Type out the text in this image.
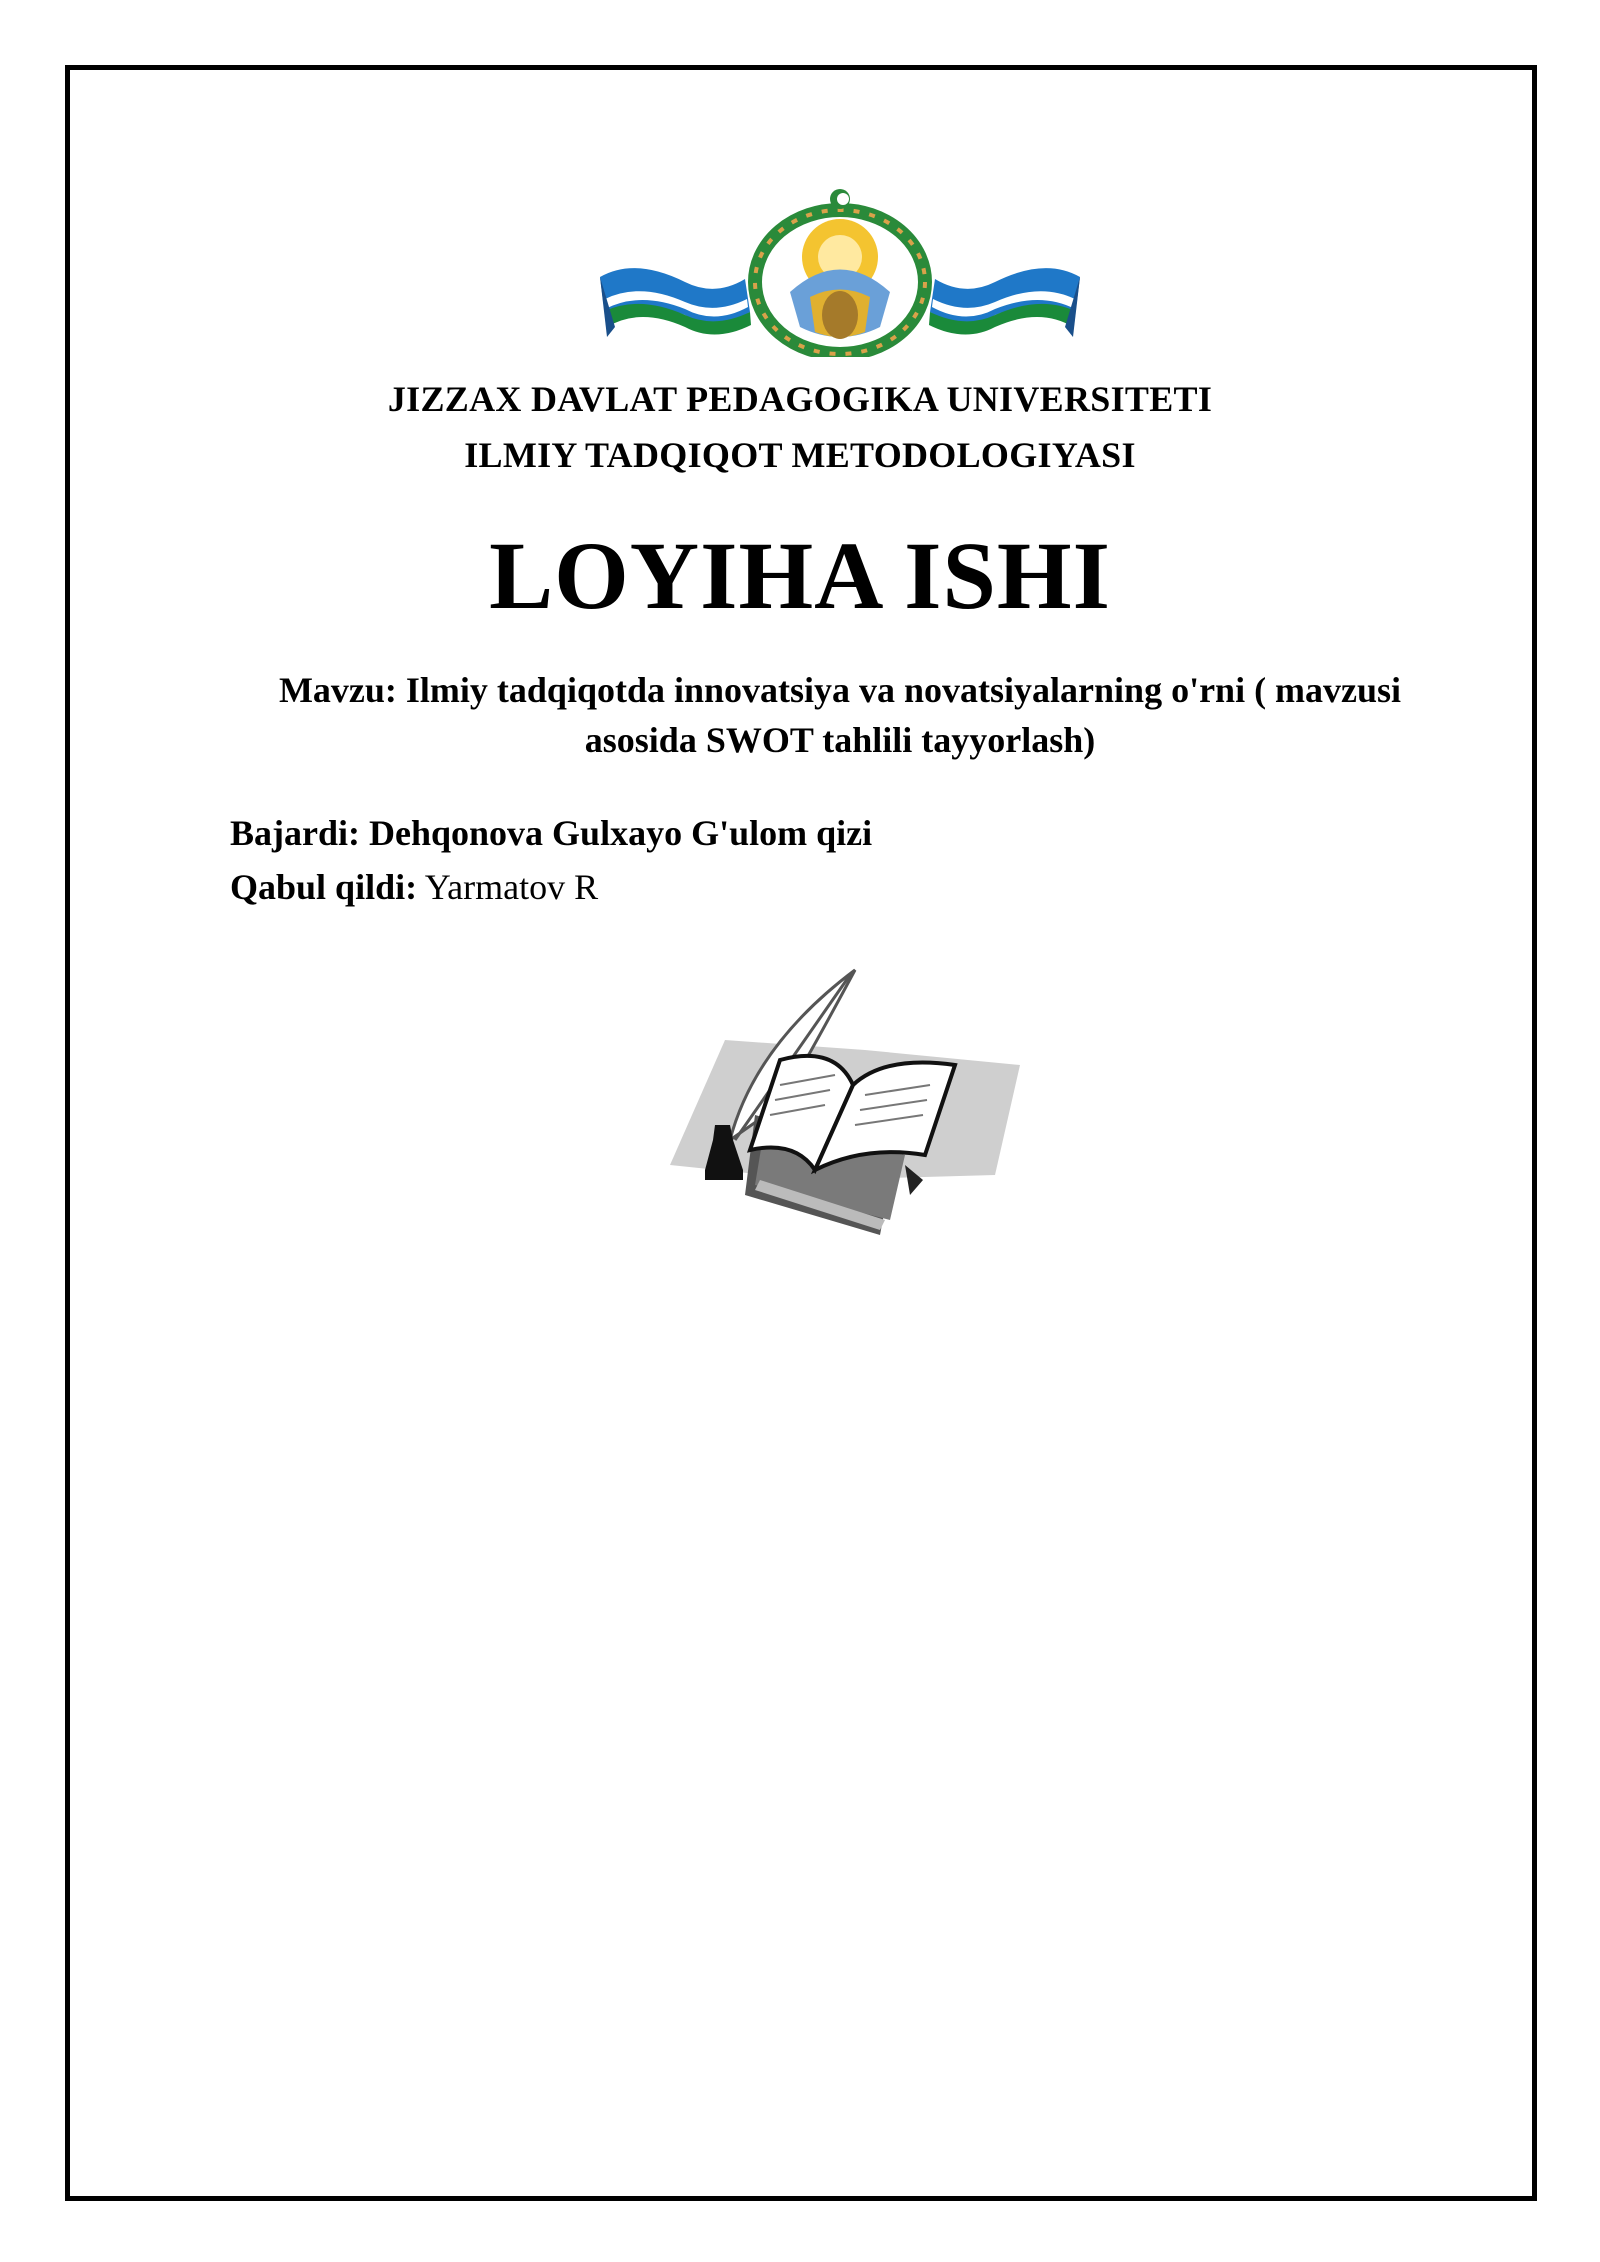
JIZZAX DAVLAT PEDAGOGIKA UNIVERSITETI
ILMIY TADQIQOT METODOLOGIYASI
LOYIHA ISHI
Mavzu: Ilmiy tadqiqotda innovatsiya va novatsiyalarning o'rni ( mavzusi
asosida SWOT tahlili tayyorlash)
Bajardi: Dehqonova Gulxayo G'ulom qizi
Qabul qildi: Yarmatov R
